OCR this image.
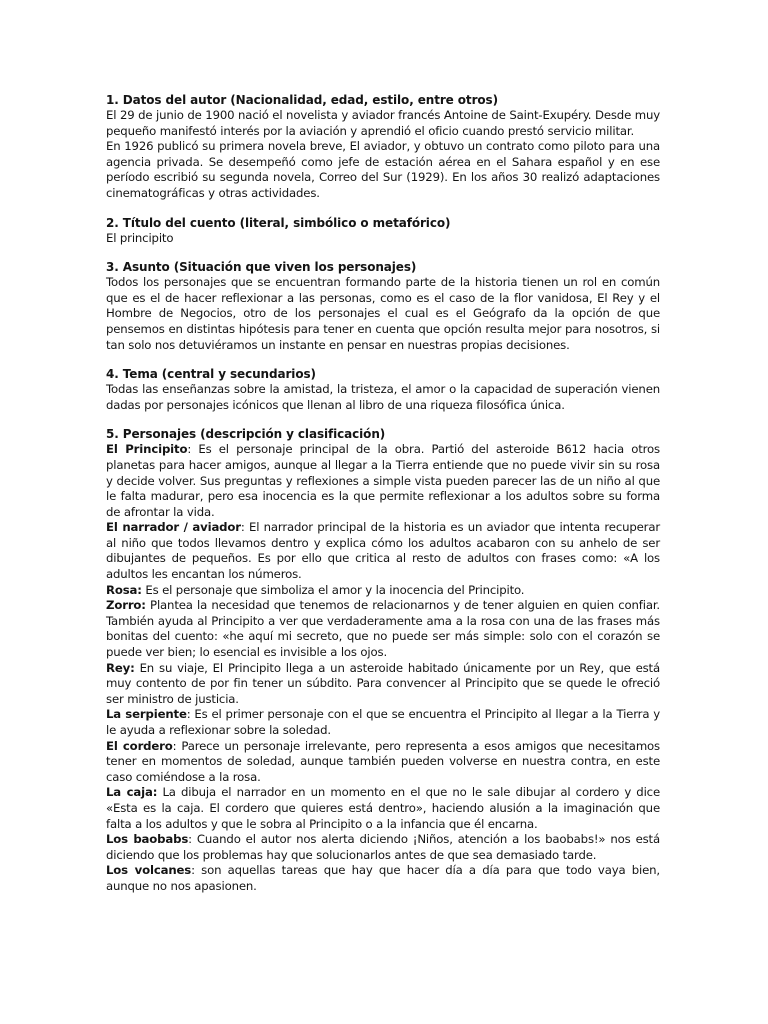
1. Datos del autor (Nacionalidad, edad, estilo, entre otros)

El 29 de junio de 1900 nació el novelista y aviador francés Antoine de Saint-Exupéry. Desde muy pequeño manifestó interés por la aviación y aprendió el oficio cuando prestó servicio militar.

En 1926 publicó su primera novela breve, El aviador, y obtuvo un contrato como piloto para una agencia privada. Se desempeñó como jefe de estación aérea en el Sahara español y en ese período escribió su segunda novela, Correo del Sur (1929). En los años 30 realizó adaptaciones cinematográficas y otras actividades.

2. Título del cuento (literal, simbólico o metafórico)

El principito

3. Asunto (Situación que viven los personajes)

Todos los personajes que se encuentran formando parte de la historia tienen un rol en común que es el de hacer reflexionar a las personas, como es el caso de la flor vanidosa, El Rey y el Hombre de Negocios, otro de los personajes el cual es el Geógrafo da la opción de que pensemos en distintas hipótesis para tener en cuenta que opción resulta mejor para nosotros, si tan solo nos detuviéramos un instante en pensar en nuestras propias decisiones.

4. Tema (central y secundarios)

Todas las enseñanzas sobre la amistad, la tristeza, el amor o la capacidad de superación vienen dadas por personajes icónicos que llenan al libro de una riqueza filosófica única.

5. Personajes (descripción y clasificación)

El Principito: Es el personaje principal de la obra. Partió del asteroide B612 hacia otros planetas para hacer amigos, aunque al llegar a la Tierra entiende que no puede vivir sin su rosa y decide volver. Sus preguntas y reflexiones a simple vista pueden parecer las de un niño al que le falta madurar, pero esa inocencia es la que permite reflexionar a los adultos sobre su forma de afrontar la vida.

El narrador / aviador: El narrador principal de la historia es un aviador que intenta recuperar al niño que todos llevamos dentro y explica cómo los adultos acabaron con su anhelo de ser dibujantes de pequeños. Es por ello que critica al resto de adultos con frases como: «A los adultos les encantan los números.

Rosa: Es el personaje que simboliza el amor y la inocencia del Principito.

Zorro: Plantea la necesidad que tenemos de relacionarnos y de tener alguien en quien confiar. También ayuda al Principito a ver que verdaderamente ama a la rosa con una de las frases más bonitas del cuento: «he aquí mi secreto, que no puede ser más simple: solo con el corazón se puede ver bien; lo esencial es invisible a los ojos.

Rey: En su viaje, El Principito llega a un asteroide habitado únicamente por un Rey, que está muy contento de por fin tener un súbdito. Para convencer al Principito que se quede le ofreció ser ministro de justicia.

La serpiente: Es el primer personaje con el que se encuentra el Principito al llegar a la Tierra y le ayuda a reflexionar sobre la soledad.

El cordero: Parece un personaje irrelevante, pero representa a esos amigos que necesitamos tener en momentos de soledad, aunque también pueden volverse en nuestra contra, en este caso comiéndose a la rosa.

La caja: La dibuja el narrador en un momento en el que no le sale dibujar al cordero y dice «Esta es la caja. El cordero que quieres está dentro», haciendo alusión a la imaginación que falta a los adultos y que le sobra al Principito o a la infancia que él encarna.

Los baobabs: Cuando el autor nos alerta diciendo ¡Niños, atención a los baobabs!» nos está diciendo que los problemas hay que solucionarlos antes de que sea demasiado tarde.

Los volcanes: son aquellas tareas que hay que hacer día a día para que todo vaya bien, aunque no nos apasionen.
